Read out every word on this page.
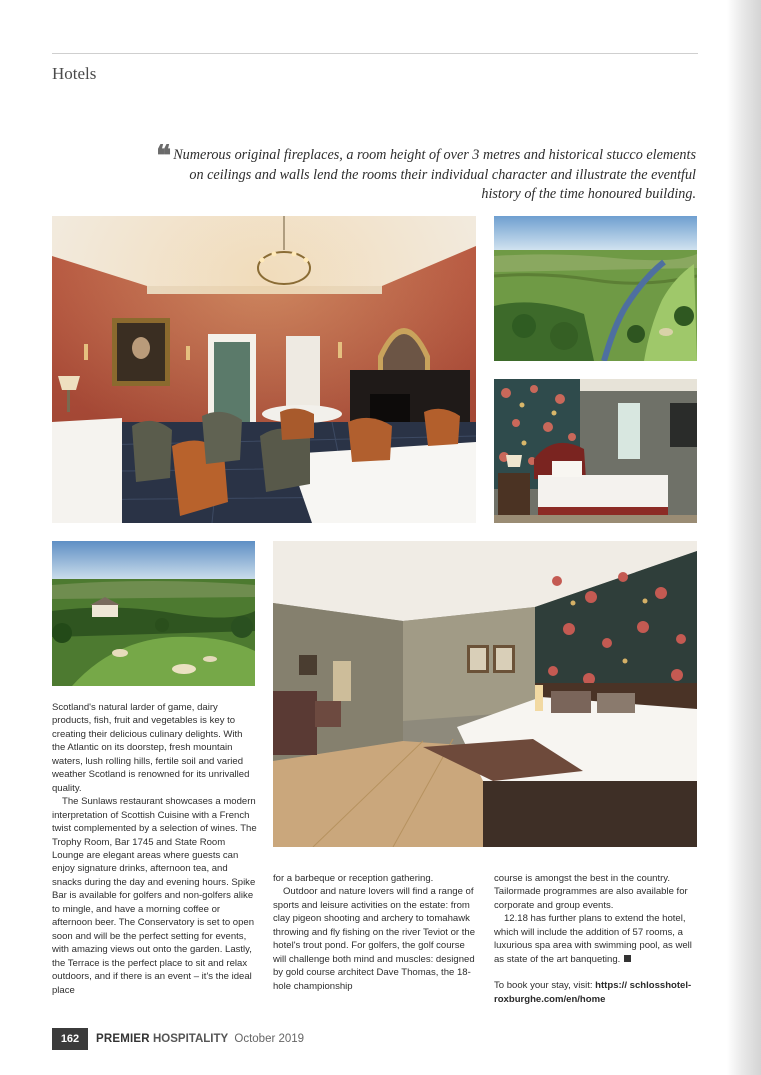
Hotels
❝ Numerous original fireplaces, a room height of over 3 metres and historical stucco elements on ceilings and walls lend the rooms their individual character and illustrate the eventful history of the time honoured building.

Scotland's natural larder of game, dairy products, fish, fruit and vegetables is key to creating their delicious culinary delights. With the Atlantic on its doorstep, fresh mountain waters, lush rolling hills, fertile soil and varied weather Scotland is renowned for its unrivalled quality.

The Sunlaws restaurant showcases a modern interpretation of Scottish Cuisine with a French twist complemented by a selection of wines. The Trophy Room, Bar 1745 and State Room Lounge are elegant areas where guests can enjoy signature drinks, afternoon tea, and snacks during the day and evening hours. Spike Bar is available for golfers and non-golfers alike to mingle, and have a morning coffee or afternoon beer. The Conservatory is set to open soon and will be the perfect setting for events, with amazing views out onto the garden. Lastly, the Terrace is the perfect place to sit and relax outdoors, and if there is an event – it's the ideal place

for a barbeque or reception gathering.

Outdoor and nature lovers will find a range of sports and leisure activities on the estate: from clay pigeon shooting and archery to tomahawk throwing and fly fishing on the river Teviot or the hotel's trout pond. For golfers, the golf course will challenge both mind and muscles: designed by gold course architect Dave Thomas, the 18-hole championship

course is amongst the best in the country. Tailormade programmes are also available for corporate and group events.

12.18 has further plans to extend the hotel, which will include the addition of 57 rooms, a luxurious spa area with swimming pool, as well as state of the art banqueting.

To book your stay, visit: https:// schlosshotel-roxburghe.com/en/home

162	PREMIER HOSPITALITY October 2019
